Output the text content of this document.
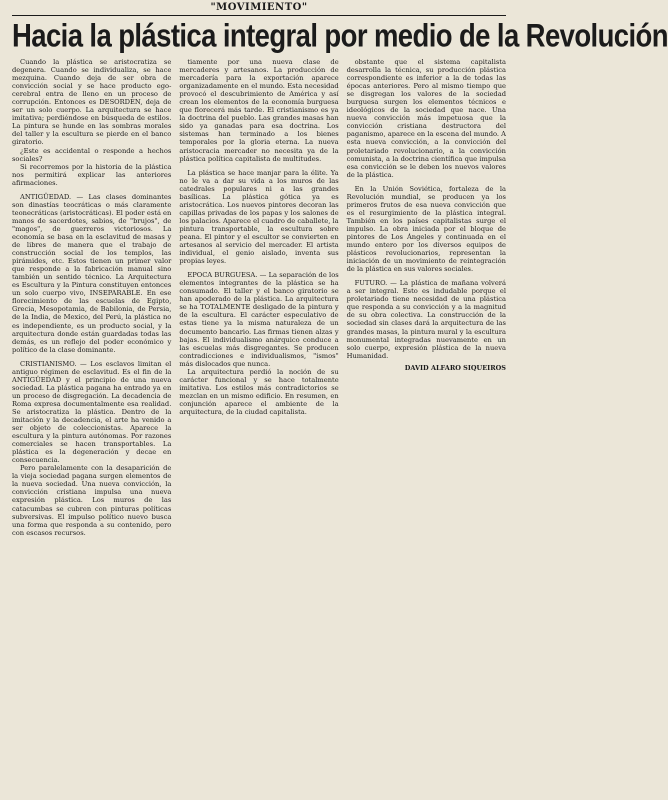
"MOVIMIENTO"
Hacia la plástica integral por medio de la Revolución

Cuando la plástica se aristocratiza se degenera. Cuando se individualiza, se hace mezquina. Cuando deja de ser obra de convicción social y se hace producto ego-cerebral entra de lleno en un proceso de corrupción. Entonces es DESORDEN, deja de ser un solo cuerpo. La arquitectura se hace imitativa; perdiéndose en búsqueda de estilos. La pintura se hunde en las sombras morales del taller y la escultura se pierde en el banco giratorio.

¿Este es accidental o responde a hechos sociales?

Si recorremos por la historia de la plástica nos permitirá explicar las anteriores afirmaciones.

ANTIGÜEDAD. — Las clases dominantes son dinastías teocráticas o más claramente teonecráticas (aristocráticas). El poder está en manos de sacerdotes, sabios, de "brujos", de "magos", de guerreros victoriosos. La economía se basa en la esclavitud de masas y de libres de manera que el trabajo de construcción social de los templos, las pirámides, etc. Estos tienen un primer valor que responde a la fabricación manual sino también un sentido técnico. La Arquitectura es Escultura y la Pintura constituyen entonces un solo cuerpo vivo, INSEPARABLE. En ese florecimiento de las escuelas de Egipto, Grecia, Mesopotamia, de Babilonia, de Persia, de la India, de Mexico, del Perú, la plástica no es independiente, es un producto social, y la arquitectura donde están guardadas todas las demás, es un reflejo del poder económico y político de la clase dominante.

CRISTIANISMO. — Los esclavos limitan el antiguo régimen de esclavitud. Es el fin de la ANTIGÜEDAD y el principio de una nueva sociedad. La plástica pagana ha entrado ya en un proceso de disgregación. La decadencia de Roma expresa documentalmente esa realidad. Se aristocratiza la plástica. Dentro de la imitación y la decadencia, el arte ha venido a ser objeto de coleccionistas. Aparece la escultura y la pintura autónomas. Por razones comerciales se hacen transportables. La plástica es la degeneración y decae en consecuencia.

Pero paralelamente con la desaparición de la vieja sociedad pagana surgen elementos de la nueva sociedad. Una nueva convicción, la convicción cristiana impulsa una nueva expresión plástica. Los muros de las catacumbas se cubren con pinturas políticas subversivas. El impulso político nuevo busca una forma que responda a su contenido, pero con escasos recursos.

tiamente por una nueva clase de mercaderes y artesanos. La producción de mercadería para la exportación aparece organizadamente en el mundo. Esta necesidad provocó el descubrimiento de América y así crean los elementos de la economía burguesa que florecerá más tarde. El cristianismo es ya la doctrina del pueblo. Las grandes masas han sido ya ganadas para esa doctrina. Los sistemas han terminado a los bienes temporales por la gloria eterna. La nueva aristocracia mercader no necesita ya de la plástica política capitalista de multitudes.

La plástica se hace manjar para la élite. Ya no le va a dar su vida a los muros de las catedrales populares ni a las grandes basílicas. La plástica gótica ya es aristocrática. Los nuevos pintores decoran las capillas privadas de los papas y los salones de los palacios. Aparece el cuadro de caballete, la pintura transportable, la escultura sobre peana. El pintor y el escultor se convierten en artesanos al servicio del mercader. El artista individual, el genio aislado, inventa sus propias leyes.

EPOCA BURGUESA. — La separación de los elementos integrantes de la plástica se ha consumado. El taller y el banco giratorio se han apoderado de la plástica. La arquitectura se ha TOTALMENTE desligado de la pintura y de la escultura. El carácter especulativo de estas tiene ya la misma naturaleza de un documento bancario. Las firmas tienen alzas y bajas. El individualismo anárquico conduce a las escuelas más disgregantes. Se producen contradicciones e individualismos, "ismos" más dislocados que nunca.

La arquitectura perdió la noción de su carácter funcional y se hace totalmente imitativa. Los estilos más contradictorios se mezclan en un mismo edificio. En resumen, en conjunción aparece el ambiente de la arquitectura, de la ciudad capitalista.

obstante que el sistema capitalista desarrolla la técnica, su producción plástica correspondiente es inferior a la de todas las épocas anteriores. Pero al mismo tiempo que se disgregan los valores de la sociedad burguesa surgen los elementos técnicos e ideológicos de la sociedad que nace. Una nueva convicción más impetuosa que la convicción cristiana destructora del paganismo, aparece en la escena del mundo. A esta nueva convicción, a la convicción del proletariado revolucionario, a la convicción comunista, a la doctrina científica que impulsa esa convicción se le deben los nuevos valores de la plástica.

En la Unión Soviética, fortaleza de la Revolución mundial, se producen ya los primeros frutos de esa nueva convicción que es el resurgimiento de la plástica integral. También en los países capitalistas surge el impulso. La obra iniciada por el bloque de pintores de Los Ángeles y continuada en el mundo entero por los diversos equipos de plásticos revolucionarios, representan la iniciación de un movimiento de reintegración de la plástica en sus valores sociales.

FUTURO. — La plástica de mañana volverá a ser integral. Esto es indudable porque el proletariado tiene necesidad de una plástica que responda a su convicción y a la magnitud de su obra colectiva. La construcción de la sociedad sin clases dará la arquitectura de las grandes masas, la pintura mural y la escultura monumental integradas nuevamente en un solo cuerpo, expresión plástica de la nueva Humanidad.

DAVID ALFARO SIQUEIROS
